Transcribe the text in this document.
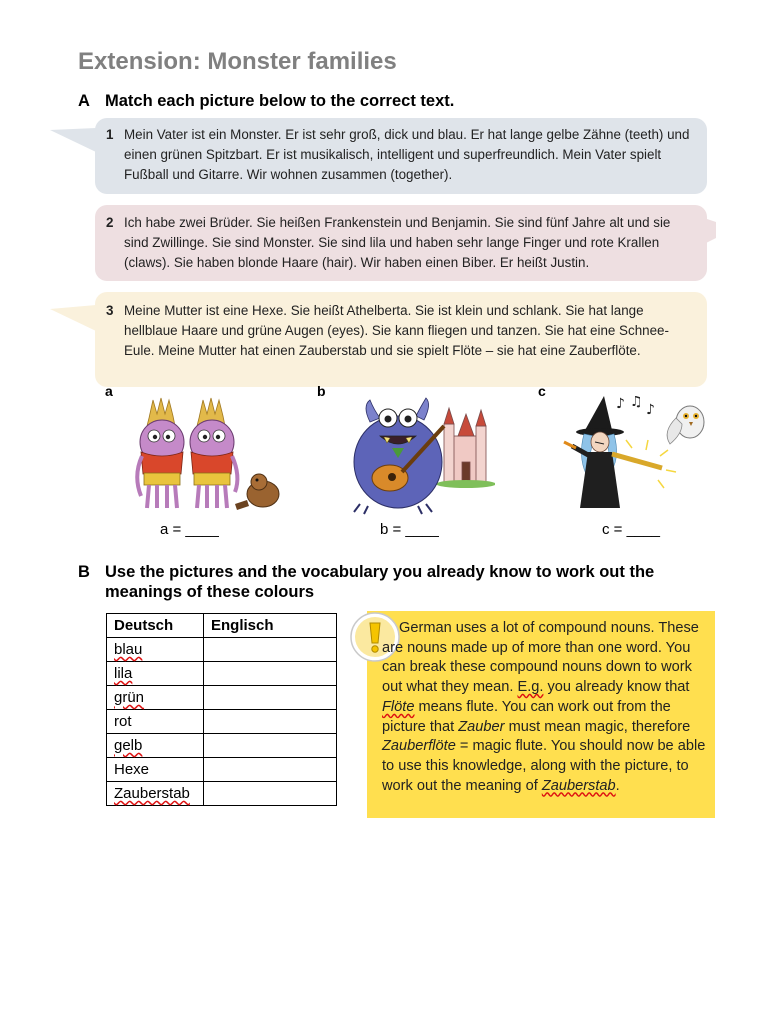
Extension: Monster families
A Match each picture below to the correct text.
1 Mein Vater ist ein Monster. Er ist sehr groß, dick und blau. Er hat lange gelbe Zähne (teeth) und einen grünen Spitzbart. Er ist musikalisch, intelligent und superfreundlich. Mein Vater spielt Fußball und Gitarre. Wir wohnen zusammen (together).
2 Ich habe zwei Brüder. Sie heißen Frankenstein und Benjamin. Sie sind fünf Jahre alt und sie sind Zwillinge. Sie sind Monster. Sie sind lila und haben sehr lange Finger und rote Krallen (claws). Sie haben blonde Haare (hair). Wir haben einen Biber. Er heißt Justin.
3 Meine Mutter ist eine Hexe. Sie heißt Athelberta. Sie ist klein und schlank. Sie hat lange hellblaue Haare und grüne Augen (eyes). Sie kann fliegen und tanzen. Sie hat eine Schnee-Eule. Meine Mutter hat einen Zauberstab und sie spielt Flöte – sie hat eine Zauberflöte.
a	b	c
♪ ♫ ♪
a = ____	b = ____	c = ____
B Use the pictures and the vocabulary you already know to work out the meanings of these colours
Deutsch	Englisch
blau	
lila	
grün	
rot	
gelb	
Hexe	
Zauberstab	

German uses a lot of compound nouns. These are nouns made up of more than one word. You can break these compound nouns down to work out what they mean. E.g. you already know that Flöte means flute. You can work out from the picture that Zauber must mean magic, therefore Zauberflöte = magic flute. You should now be able to use this knowledge, along with the picture, to work out the meaning of Zauberstab.
